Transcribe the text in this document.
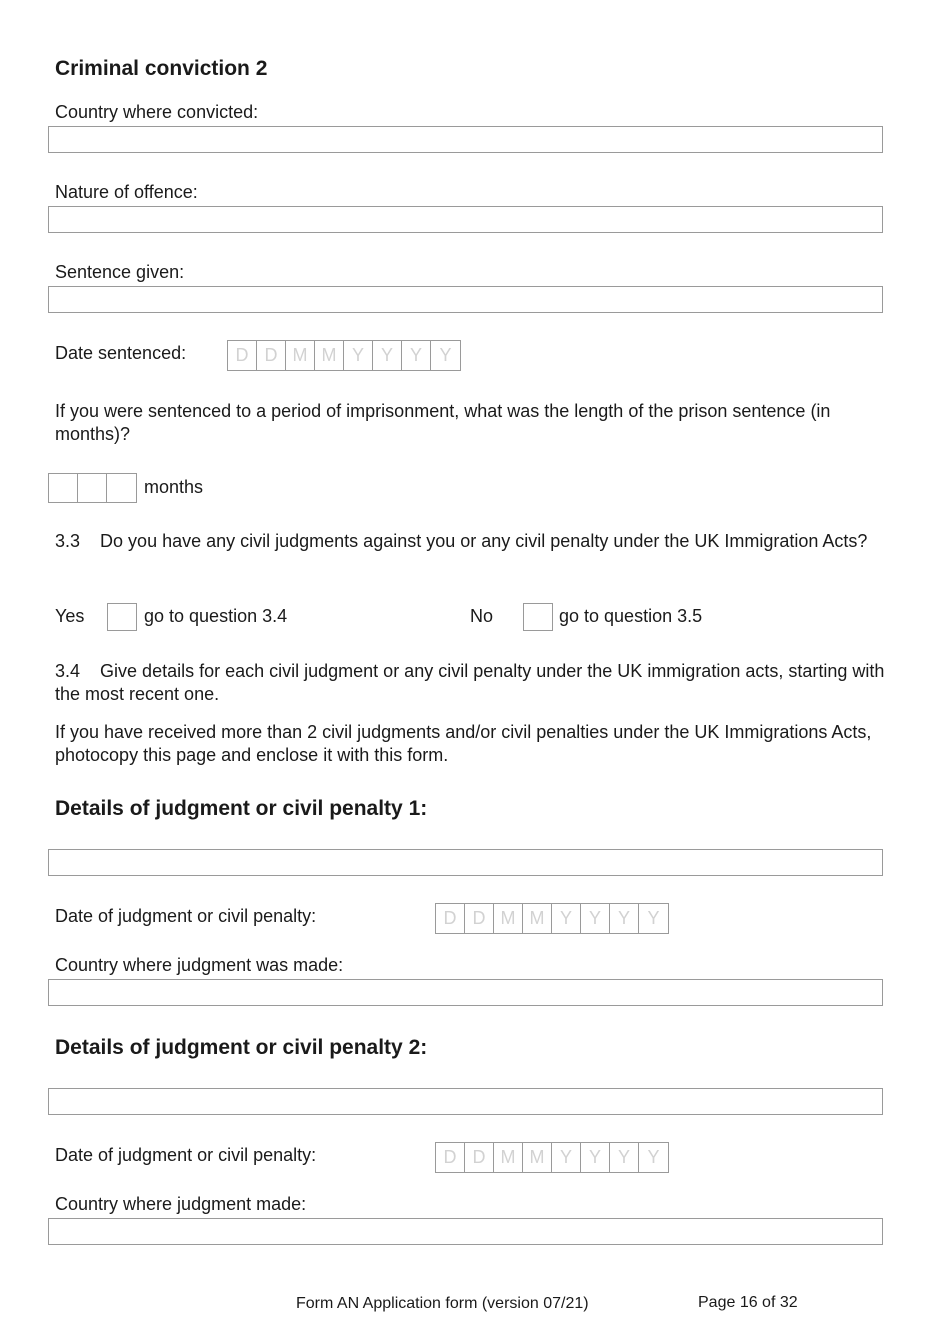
Criminal conviction 2
Country where convicted:
Nature of offence:
Sentence given:
Date sentenced:	D D M M Y Y Y Y
If you were sentenced to a period of imprisonment, what was the length of the prison sentence (in months)?
months
3.3 Do you have any civil judgments against you or any civil penalty under the UK Immigration Acts?
Yes	go to question 3.4	No	go to question 3.5
3.4 Give details for each civil judgment or any civil penalty under the UK immigration acts, starting with the most recent one.
If you have received more than 2 civil judgments and/or civil penalties under the UK Immigrations Acts, photocopy this page and enclose it with this form.
Details of judgment or civil penalty 1:
Date of judgment or civil penalty:	D D M M Y Y Y Y
Country where judgment was made:
Details of judgment or civil penalty 2:
Date of judgment or civil penalty:	D D M M Y Y Y Y
Country where judgment made:
Form AN Application form (version 07/21)	Page 16 of 32
